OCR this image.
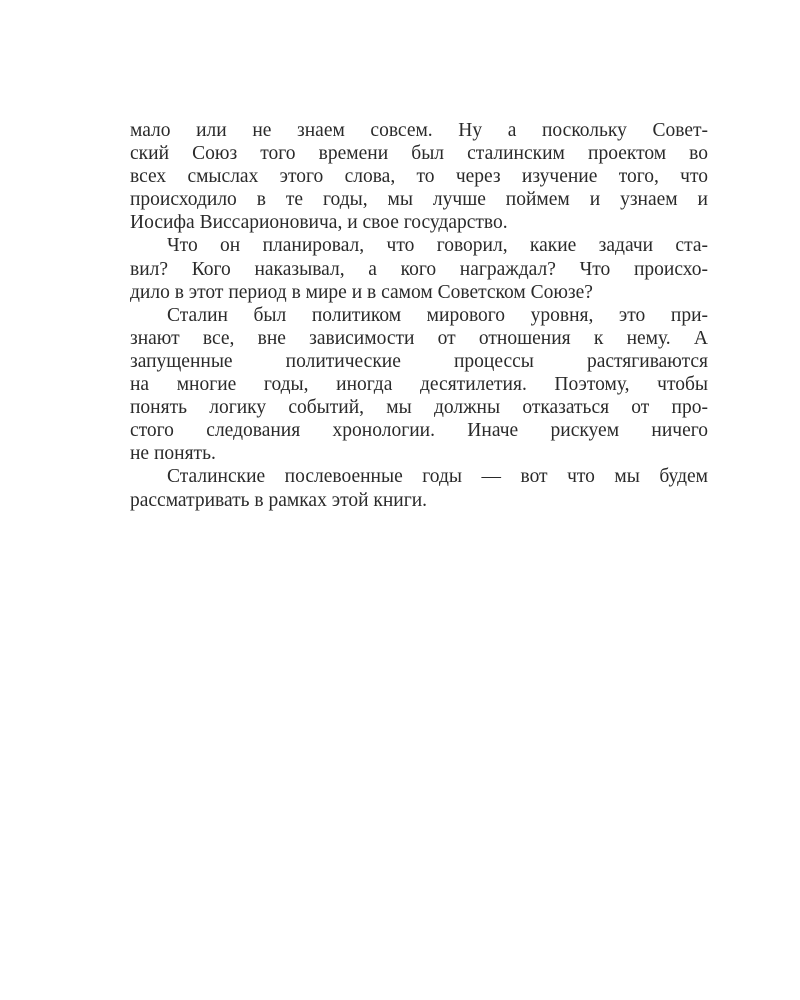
мало или не знаем совсем. Ну а поскольку Совет-
ский Союз того времени был сталинским проектом во
всех смыслах этого слова, то через изучение того, что
происходило в те годы, мы лучше поймем и узнаем и
Иосифа Виссарионовича, и свое государство.

Что он планировал, что говорил, какие задачи ста-
вил? Кого наказывал, а кого награждал? Что происхо-
дило в этот период в мире и в самом Советском Союзе?

Сталин был политиком мирового уровня, это при-
знают все, вне зависимости от отношения к нему. А
запущенные политические процессы растягиваются
на многие годы, иногда десятилетия. Поэтому, чтобы
понять логику событий, мы должны отказаться от про-
стого следования хронологии. Иначе рискуем ничего
не понять.

Сталинские послевоенные годы — вот что мы будем
рассматривать в рамках этой книги.
